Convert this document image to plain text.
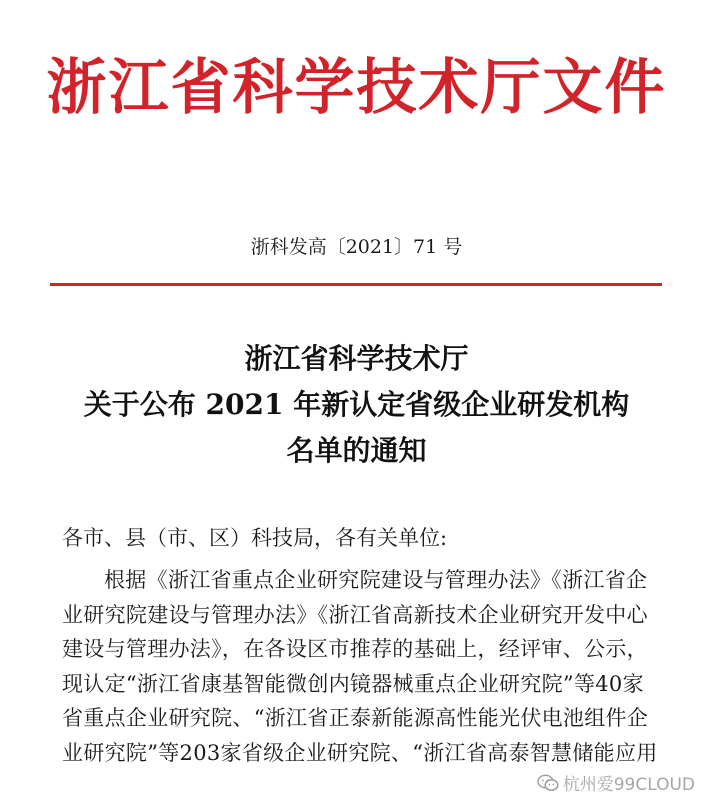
浙江省科学技术厅文件
浙科发高〔2021〕71 号
浙江省科学技术厅
关于公布 2021 年新认定省级企业研发机构
名单的通知
各市、县（市、区）科技局，各有关单位:
根据《浙江省重点企业研究院建设与管理办法》《浙江省企
业研究院建设与管理办法》《浙江省高新技术企业研究开发中心
建设与管理办法》，在各设区市推荐的基础上，经评审、公示，
现认定“浙江省康基智能微创内镜器械重点企业研究院”等40家
省重点企业研究院、“浙江省正泰新能源高性能光伏电池组件企
业研究院”等203家省级企业研究院、“浙江省高泰智慧储能应用
杭州爱99CLOUD
